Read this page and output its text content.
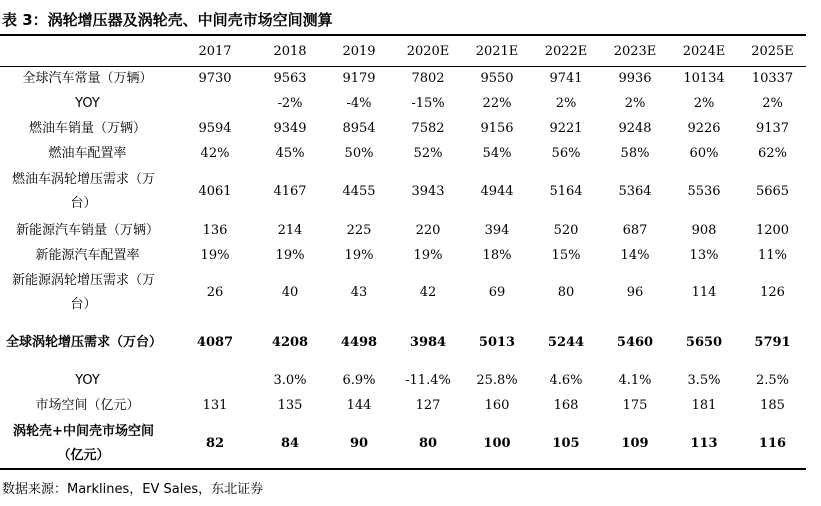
表 3：涡轮增压器及涡轮壳、中间壳市场空间测算
	2017	2018	2019	2020E	2021E	2022E	2023E	2024E	2025E
全球汽车常量（万辆）	9730	9563	9179	7802	9550	9741	9936	10134	10337
YOY		-2%	-4%	-15%	22%	2%	2%	2%	2%
燃油车销量（万辆）	9594	9349	8954	7582	9156	9221	9248	9226	9137
燃油车配置率	42%	45%	50%	52%	54%	56%	58%	60%	62%
燃油车涡轮增压需求（万台）	4061	4167	4455	3943	4944	5164	5364	5536	5665
新能源汽车销量（万辆）	136	214	225	220	394	520	687	908	1200
新能源汽车配置率	19%	19%	19%	19%	18%	15%	14%	13%	11%
新能源涡轮增压需求（万台）	26	40	43	42	69	80	96	114	126
全球涡轮增压需求（万台）	4087	4208	4498	3984	5013	5244	5460	5650	5791
YOY		3.0%	6.9%	-11.4%	25.8%	4.6%	4.1%	3.5%	2.5%
市场空间（亿元）	131	135	144	127	160	168	175	181	185
涡轮壳+中间壳市场空间（亿元）	82	84	90	80	100	105	109	113	116
数据来源：Marklines，EV Sales，东北证券
